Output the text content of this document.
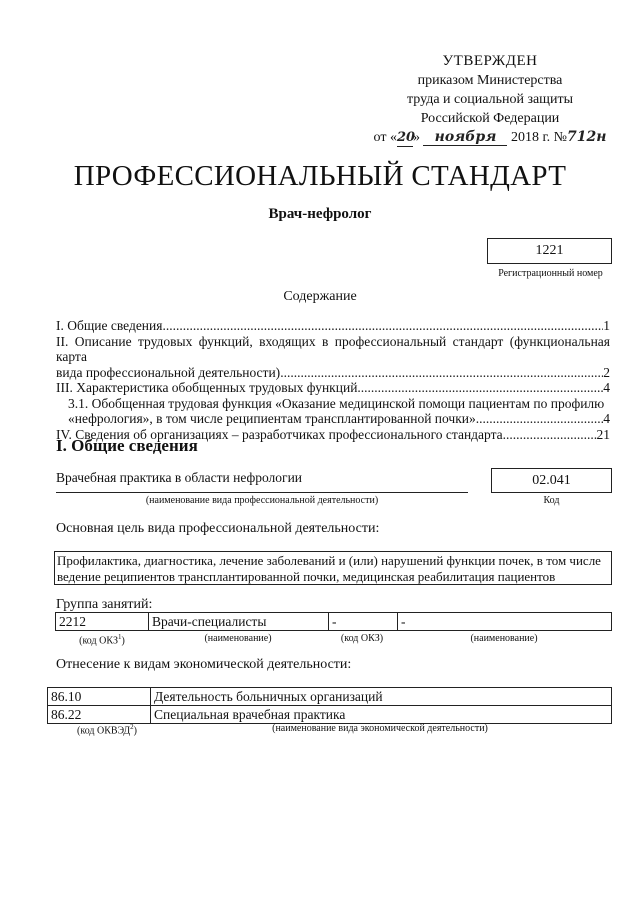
УТВЕРЖДЕН
приказом Министерства
труда и социальной защиты
Российской Федерации
от «20» ноября 2018 г. №712н
ПРОФЕССИОНАЛЬНЫЙ СТАНДАРТ
Врач-нефролог
1221
Регистрационный номер
Содержание
I. Общие сведения .....	1
II. Описание трудовых функций, входящих в профессиональный стандарт (функциональная карта
вида профессиональной деятельности) .....	2
III. Характеристика обобщенных трудовых функций .....	4
3.1. Обобщенная трудовая функция «Оказание медицинской помощи пациентам по профилю
«нефрология», в том числе реципиентам трансплантированной почки» .....	4
IV. Сведения об организациях – разработчиках профессионального стандарта .....	21
I. Общие сведения
Врачебная практика в области нефрологии
(наименование вида профессиональной деятельности)
02.041
Код
Основная цель вида профессиональной деятельности:
Профилактика, диагностика, лечение заболеваний и (или) нарушений функции почек, в том числе
ведение реципиентов трансплантированной почки, медицинская реабилитация пациентов
Группа занятий:
2212	Врачи-специалисты	-	-
(код ОКЗ$^1$)	(наименование)	(код ОКЗ)	(наименование)
Отнесение к видам экономической деятельности:
86.10	Деятельность больничных организаций
86.22	Специальная врачебная практика
(код ОКВЭД$^2$)	(наименование вида экономической деятельности)
